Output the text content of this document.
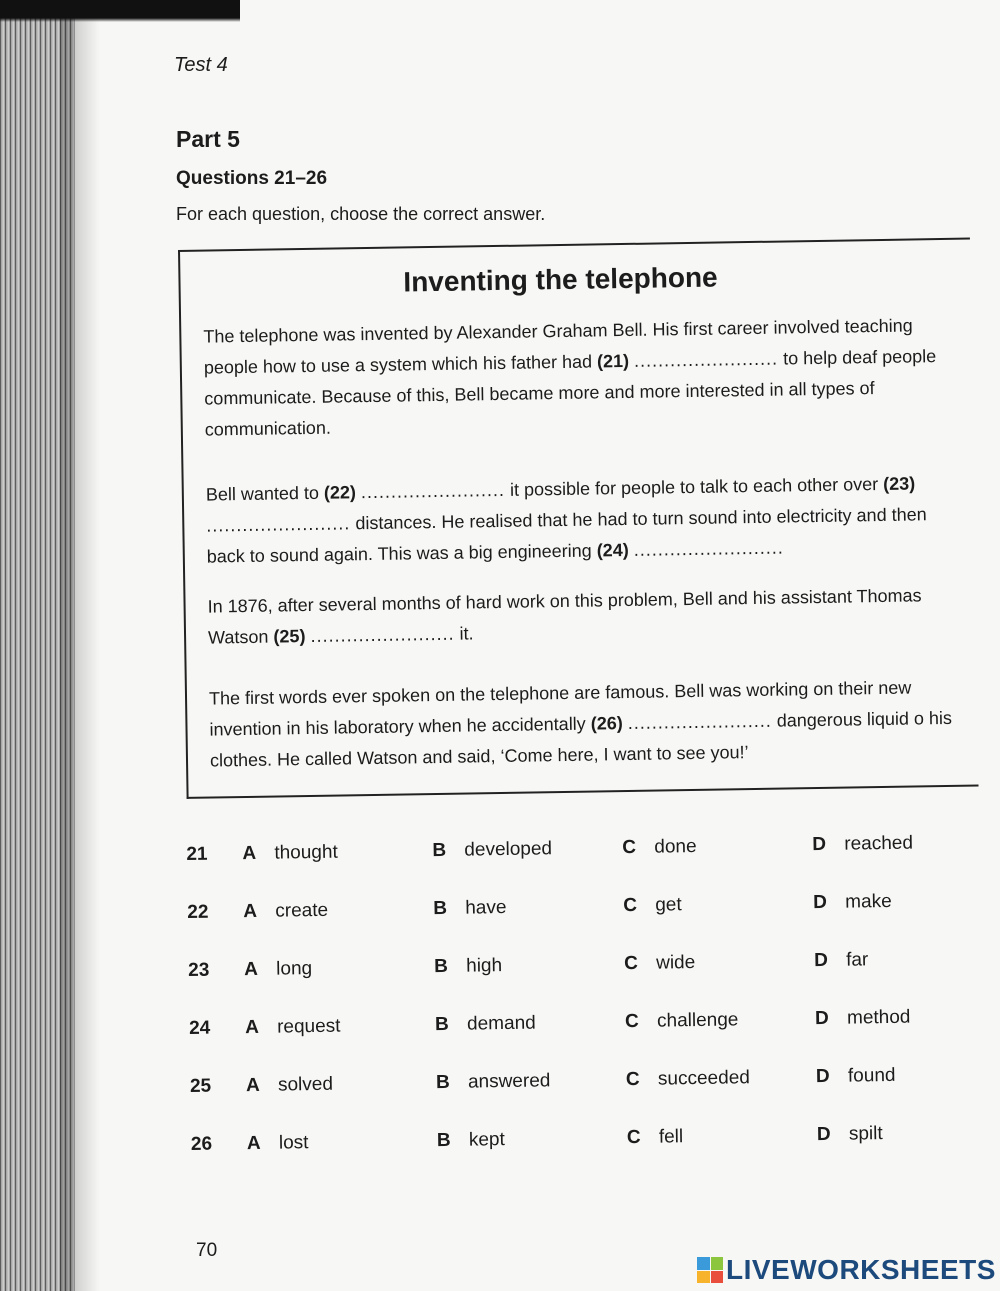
Test 4
Part 5
Questions 21–26
For each question, choose the correct answer.
Inventing the telephone

The telephone was invented by Alexander Graham Bell. His first career involved teaching people how to use a system which his father had (21) ........................ to help deaf people communicate. Because of this, Bell became more and more interested in all types of communication.

Bell wanted to (22) ........................ it possible for people to talk to each other over (23) ........................ distances. He realised that he had to turn sound into electricity and then back to sound again. This was a big engineering (24) .........................

In 1876, after several months of hard work on this problem, Bell and his assistant Thomas Watson (25) ........................ it.

The first words ever spoken on the telephone are famous. Bell was working on their new invention in his laboratory when he accidentally (26) ........................ dangerous liquid o his clothes. He called Watson and said, ‘Come here, I want to see you!’

21 A thought	B developed	C done	D reached
22 A create	B have	C get	D make
23 A long	B high	C wide	D far
24 A request	B demand	C challenge	D method
25 A solved	B answered	C succeeded	D found
26 A lost	B kept	C fell	D spilt
70
LIVEWORKSHEETS
